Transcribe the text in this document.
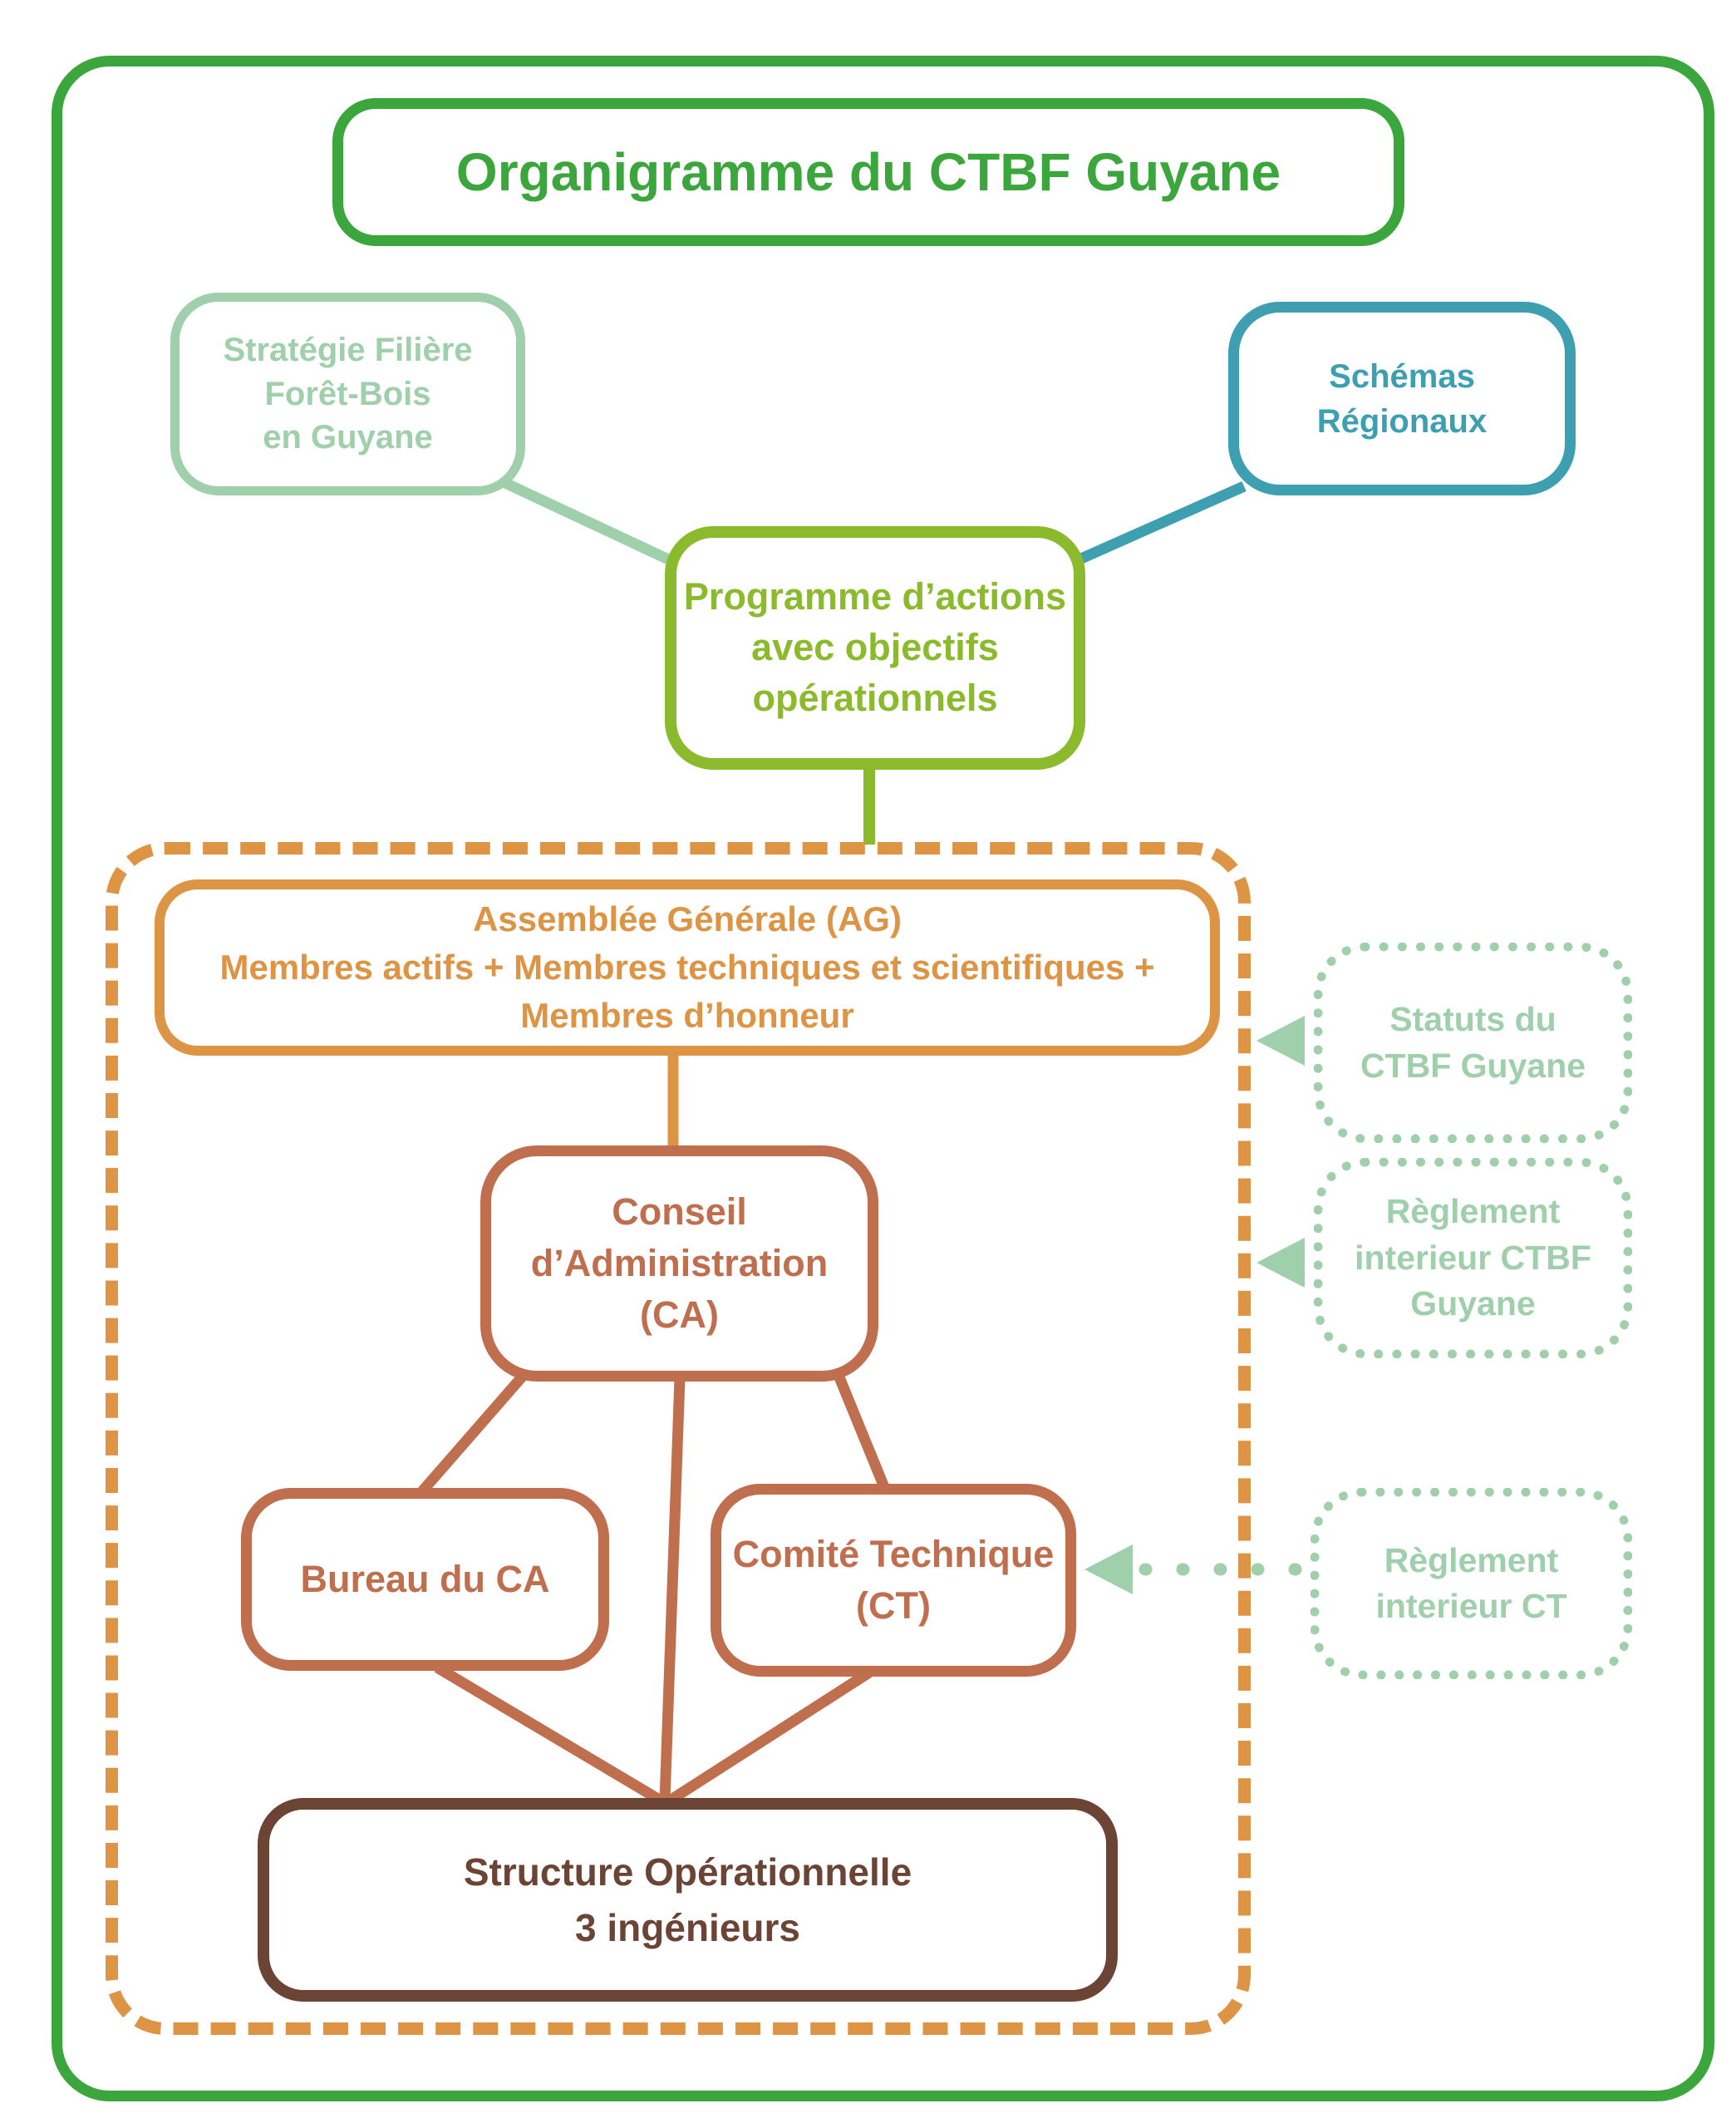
Organigramme du CTBF Guyane
Stratégie Filière
Forêt-Bois
en Guyane
Schémas
Régionaux
Programme d’actions
avec objectifs
opérationnels
Assemblée Générale (AG)
Membres actifs + Membres techniques et scientifiques +
Membres d’honneur
Conseil
d’Administration
(CA)
Bureau du CA
Comité Technique
(CT)
Structure Opérationnelle
3 ingénieurs
Statuts du
CTBF Guyane
Règlement
interieur CTBF
Guyane
Règlement
interieur CT
